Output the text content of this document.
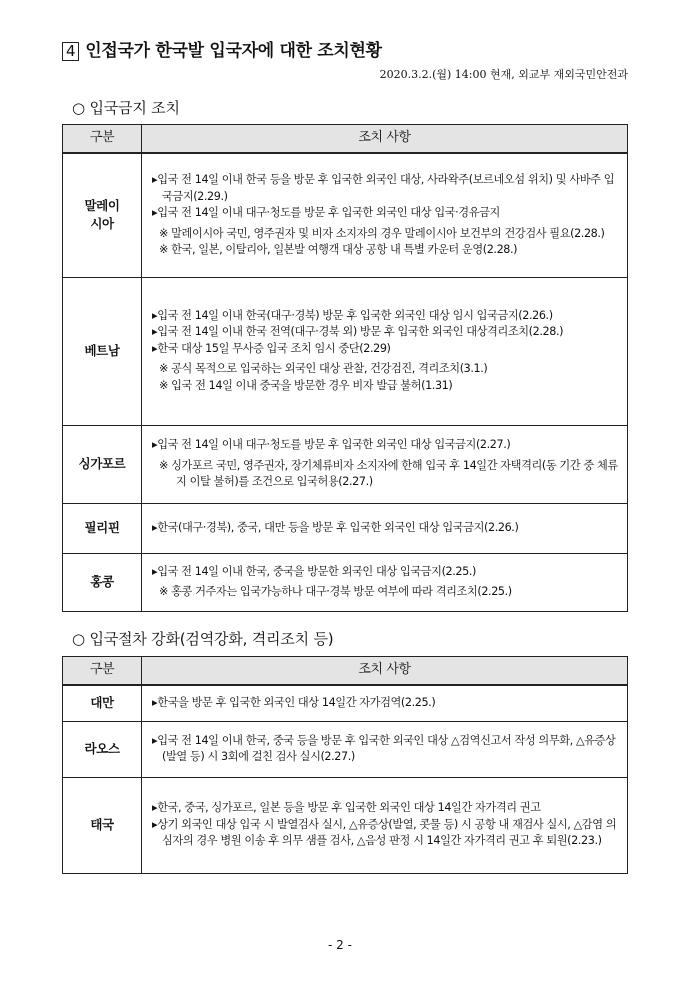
4 인접국가 한국발 입국자에 대한 조치현황
2020.3.2.(월) 14:00 현재, 외교부 재외국민안전과
○ 입국금지 조치
구분	조치 사항
말레이
시아	▸입국 전 14일 이내 한국 등을 방문 후 입국한 외국인 대상, 사라왁주(보르네오섬 위치) 및 사바주 입국금지(2.29.)
▸입국 전 14일 이내 대구·청도를 방문 후 입국한 외국인 대상 입국·경유금지
※ 말레이시아 국민, 영주권자 및 비자 소지자의 경우 말레이시아 보건부의 건강검사 필요(2.28.)
※ 한국, 일본, 이탈리아, 일본발 여행객 대상 공항 내 특별 카운터 운영(2.28.)

베트남	▸입국 전 14일 이내 한국(대구·경북) 방문 후 입국한 외국인 대상 임시 입국금지(2.26.)
▸입국 전 14일 이내 한국 전역(대구·경북 외) 방문 후 입국한 외국인 대상격리조치(2.28.)
▸한국 대상 15일 무사증 입국 조치 임시 중단(2.29)
※ 공식 목적으로 입국하는 외국인 대상 관찰, 건강검진, 격리조치(3.1.)
※ 입국 전 14일 이내 중국을 방문한 경우 비자 발급 불허(1.31)

싱가포르	▸입국 전 14일 이내 대구·청도를 방문 후 입국한 외국인 대상 입국금지(2.27.)
※ 싱가포르 국민, 영주권자, 장기체류비자 소지자에 한해 입국 후 14일간 자택격리(동 기간 중 체류지 이탈 불허)를 조건으로 입국허용(2.27.)

필리핀	▸한국(대구·경북), 중국, 대만 등을 방문 후 입국한 외국인 대상 입국금지(2.26.)

홍콩	▸입국 전 14일 이내 한국, 중국을 방문한 외국인 대상 입국금지(2.25.)
※ 홍콩 거주자는 입국가능하나 대구·경북 방문 여부에 따라 격리조치(2.25.)
○ 입국절차 강화(검역강화, 격리조치 등)
구분	조치 사항
대만	▸한국을 방문 후 입국한 외국인 대상 14일간 자가검역(2.25.)

라오스	▸입국 전 14일 이내 한국, 중국 등을 방문 후 입국한 외국인 대상 △검역신고서 작성 의무화, △유증상(발열 등) 시 3회에 걸친 검사 실시(2.27.)

태국	▸한국, 중국, 싱가포르, 일본 등을 방문 후 입국한 외국인 대상 14일간 자가격리 권고
▸상기 외국인 대상 입국 시 발열검사 실시, △유증상(발열, 콧물 등) 시 공항 내 재검사 실시, △감염 의심자의 경우 병원 이송 후 의무 샘플 검사, △음성 판정 시 14일간 자가격리 권고 후 퇴원(2.23.)
- 2 -
